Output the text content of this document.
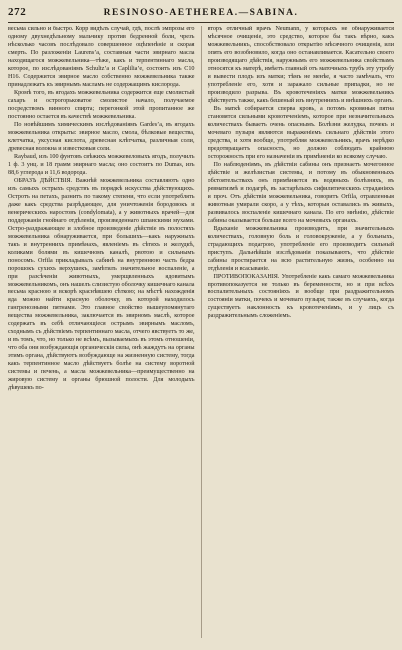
272	RESINOSO-AETHEREA.—SABINA.

весьма сильно и быстро. Корр видѣлъ случай, гдѣ, послѣ эмпрозы его одному двухнедѣльному мальчику против бедренной боли, чрезъ нѣсколько часовъ послѣдовало совершенное оцѣпенѣніе и скорая смерть. По разложеніи Laurens’а, составныя части эвирнаго масла находящагося можжевельника—тѣже, какъ и терпентиннаго масла, которое, по изслѣдованіямъ Schultz’а и Caplilia’е, состоитъ изъ С10 Н16. Содержится эвирное масло собственно можжевельника также принадлежатъ къ эвирнымъ масламъ не содержащимъ кислорода.

Кромѣ того, въ ягодахъ можжевельника содержится еще смолистый сахаръ и острогорьковатое смолистое начало, получаемое посредствомъ винного спирта; перегонкой этой пропитанное же постоянно остается въ качествѣ можжевельника.

По новѣйшимъ химическимъ изслѣдованіямъ Gardes’а, въ ягодахъ можжевельника открыты: эвирное масло, смола, бѣлковые вещества, клетчатка, уксусная кислота, древесная клѣтчатка, различныя соли, древесная волокна и известковыя соли.

Raybaud, изъ 100 фунтовъ свѣжихъ можжевеловыхъ ягодъ, получилъ 1 ф. 3 унц. и 18 грамм эвирнаго масла; оно состоитъ по Dumas, изъ 88,6 углерода и 11,6 водорода.

ОБРАЗЪ ДѢЙСТВІЯ. Важнѣй можжевельника составляютъ одно изъ самыхъ острыхъ средствъ въ порядкѣ искусства дѣйствующихъ. Остротъ на петахъ, разнитъ по такому степени, что если употреблять даже какъ средства разрѣдающее, для уничтоженія бородовокъ и венерическихъ наростовъ (condylomata), а у животныхъ врачей—для поддержанія гнойнаго отдѣленія, произведеннаго шпанскими мухами. Остро-раздражающее и злобное произведеніе дѣйствіе въ полостяхъ можжевельника обнаруживается, при большихъ—какъ наружныхъ такъ и внутреннихъ примѣнахъ, явленіемъ въ сѣтяхъ и желудкѣ, коликами болями въ кишечномъ каналѣ, рвотою и сильнымъ поносомъ. Orfila прикладывалъ сабинѣ на внутреннюю часть бедра порошокъ сухихъ верхушекъ, замѣтилъ значительное воспаленіе, а при разсѣченіи животныхъ, умерщвленныхъ ядовитымъ можжевельникомъ, онъ нашелъ слизистую оболочку кишечнаго канала весьма красною и вскорѣ краснѣвшею сѣткою; на мѣстѣ нахожденія яда можно найти красную оболочку, въ которой находилось гангренозными пятнами. Это главное свойство вышеупомянутаго вещества можжевельника, заключается въ эвирномъ маслѣ, которое содержатъ въ себѣ отличающіеся острымъ эвирнымъ масломъ, сходнымъ съ дѣйствіемъ терпентиннаго масла, отчего явствуетъ то же, и въ томъ, что, но только не всѣмъ, вызываемыхъ въ этомъ отношеніи, что оба они возбуждающія органическія силы, онѣ жаждутъ на органы этимъ органа, дѣйствуютъ возбуждающе на жизненную систему, тогда какъ терпентинное масло дѣйствуетъ болѣе на систему воротной системы и печень, а масла можжевельника—преимущественно на жировую систему и органы брюшной полости. Для молодыхъ дѣвушекъ по-

вторъ отличный врачъ Neumann, у которыхъ не обнаруживается мѣсячное очищеніе, это средство, которое бы такъ вѣрно, какъ можжевельникъ, способствовало открытію мѣсячного очищенія, или опять его возобновило, когда оно останавливается. Касательно своего производящаго дѣйствія, наружнымъ его можжевельника свойствамъ относятся къ матерѣ, имѣетъ главный отъ маточныхъ трубъ эту утробу и вывести плодъ изъ матки; тѣмъ не менѣе, я часто замѣчалъ, что употребленіе его, хотя и заражало сильные припадки, но не производило разрыва. Въ кровотеченіяхъ матки можжевельникъ дѣйствуетъ также, какъ бешеный изъ внутреннихъ и внѣшнихъ органъ.

Въ маткѣ собирается сперва кровь, а потомъ кровяныя пятна становятся сильными кровотеченіемъ, которое при незначительныхъ количествахъ бываетъ очень опаснымъ. Болѣзни желудка, почекъ и мочеваго пузыря являются выраженіемъ сильнаго дѣйствія этого средства, и хотя вообще, употребляя можжевельникъ, врачъ нерѣдко предотвращаетъ опасность, но должно соблюдать крайнюю осторожность при его назначеніи въ примѣненіи ко всякому случаю.

По наблюденіямъ, въ дѣйствіи сабины онъ признаетъ мочегонное дѣйствіе и желѣзистыя системы, и потому въ обыкновенныхъ обстоятельствахъ онъ примѣняется въ водяныхъ болѣзняхъ, въ ревматизмѣ и подагрѣ, въ застарѣлыхъ сифилитическихъ страданіяхъ и проч. Отъ дѣйствія можжевельника, говоритъ Orfila, отравленныя животныя умирали скоро, а у тѣхъ, которыя оставались въ живыхъ, развивалось воспаленіе кишечнаго канала. По его мнѣнію, дѣйствіе сабины оказывается больше всего на мочевыхъ органахъ.

Вдыханіе можжевельника производитъ, при значительныхъ количествахъ, головную боль и головокруженіе, а у больныхъ, страдающихъ подагрою, употребленіе его производитъ сильный приступъ. Дальнѣйшія изслѣдованія показываютъ, что дѣйствіе сабины простирается на всю растительную жизнь, особенно на отдѣленія и всасываніе.

ПРОТИВОПОКАЗАНІЯ. Употребленіе какъ самаго можжевельника противопоказуется не только въ беременности, но и при всѣхъ воспалительныхъ состояніяхъ и вообще при раздражительномъ состояніи матки, почекъ и мочеваго пузыря; также въ случаяхъ, когда существуетъ наклонность къ кровотеченіямъ, и у лицъ съ раздражительнымъ сложеніемъ.
